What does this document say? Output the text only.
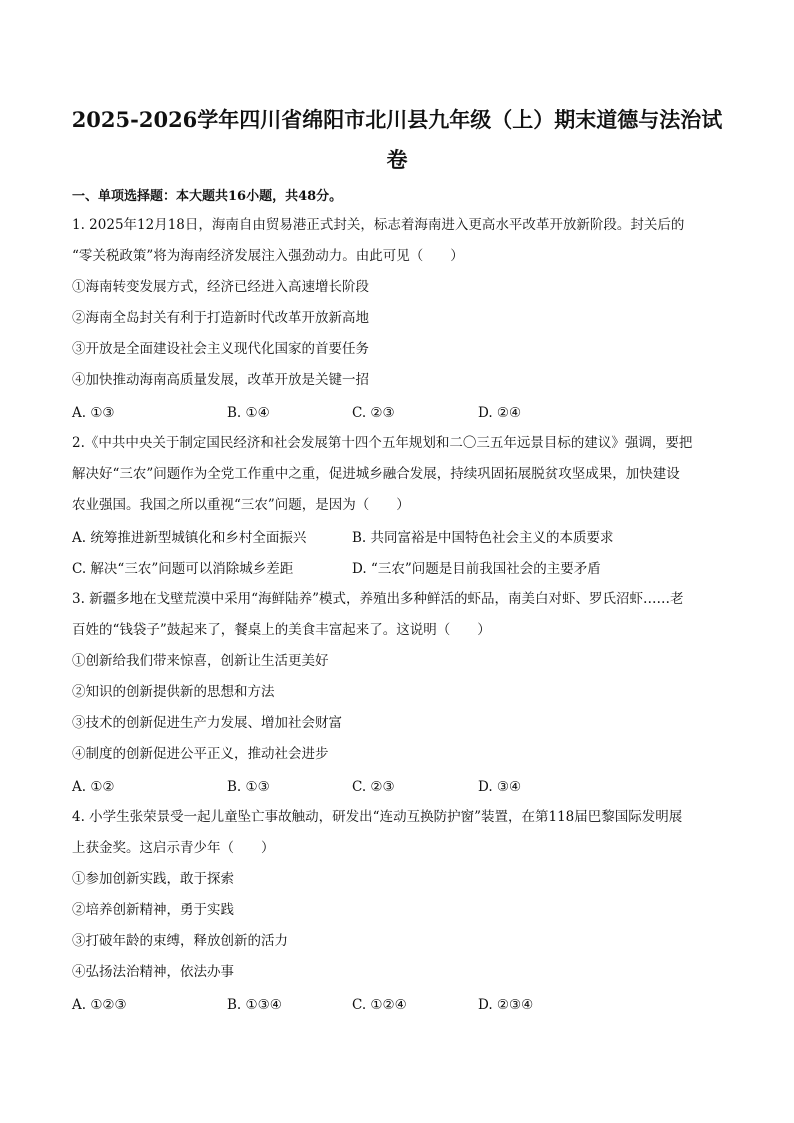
2025-2026学年四川省绵阳市北川县九年级（上）期末道德与法治试
卷
一、单项选择题：本大题共16小题，共48分。
1. 2025年12月18日，海南自由贸易港正式封关，标志着海南进入更高水平改革开放新阶段。封关后的
“零关税政策”将为海南经济发展注入强劲动力。由此可见（　　）
①海南转变发展方式，经济已经进入高速增长阶段
②海南全岛封关有利于打造新时代改革开放新高地
③开放是全面建设社会主义现代化国家的首要任务
④加快推动海南高质量发展，改革开放是关键一招
A. ①③	B. ①④	C. ②③	D. ②④
2.《中共中央关于制定国民经济和社会发展第十四个五年规划和二〇三五年远景目标的建议》强调，要把
解决好“三农”问题作为全党工作重中之重，促进城乡融合发展，持续巩固拓展脱贫攻坚成果，加快建设
农业强国。我国之所以重视“三农”问题，是因为（　　）
A. 统筹推进新型城镇化和乡村全面振兴	B. 共同富裕是中国特色社会主义的本质要求
C. 解决“三农”问题可以消除城乡差距	D. “三农”问题是目前我国社会的主要矛盾
3. 新疆多地在戈壁荒漠中采用“海鲜陆养”模式，养殖出多种鲜活的虾品，南美白对虾、罗氏沼虾……老
百姓的“钱袋子”鼓起来了，餐桌上的美食丰富起来了。这说明（　　）
①创新给我们带来惊喜，创新让生活更美好
②知识的创新提供新的思想和方法
③技术的创新促进生产力发展、增加社会财富
④制度的创新促进公平正义，推动社会进步
A. ①②	B. ①③	C. ②③	D. ③④
4. 小学生张荣景受一起儿童坠亡事故触动，研发出“连动互换防护窗”装置，在第118届巴黎国际发明展
上获金奖。这启示青少年（　　）
①参加创新实践，敢于探索
②培养创新精神，勇于实践
③打破年龄的束缚，释放创新的活力
④弘扬法治精神，依法办事
A. ①②③	B. ①③④	C. ①②④	D. ②③④
